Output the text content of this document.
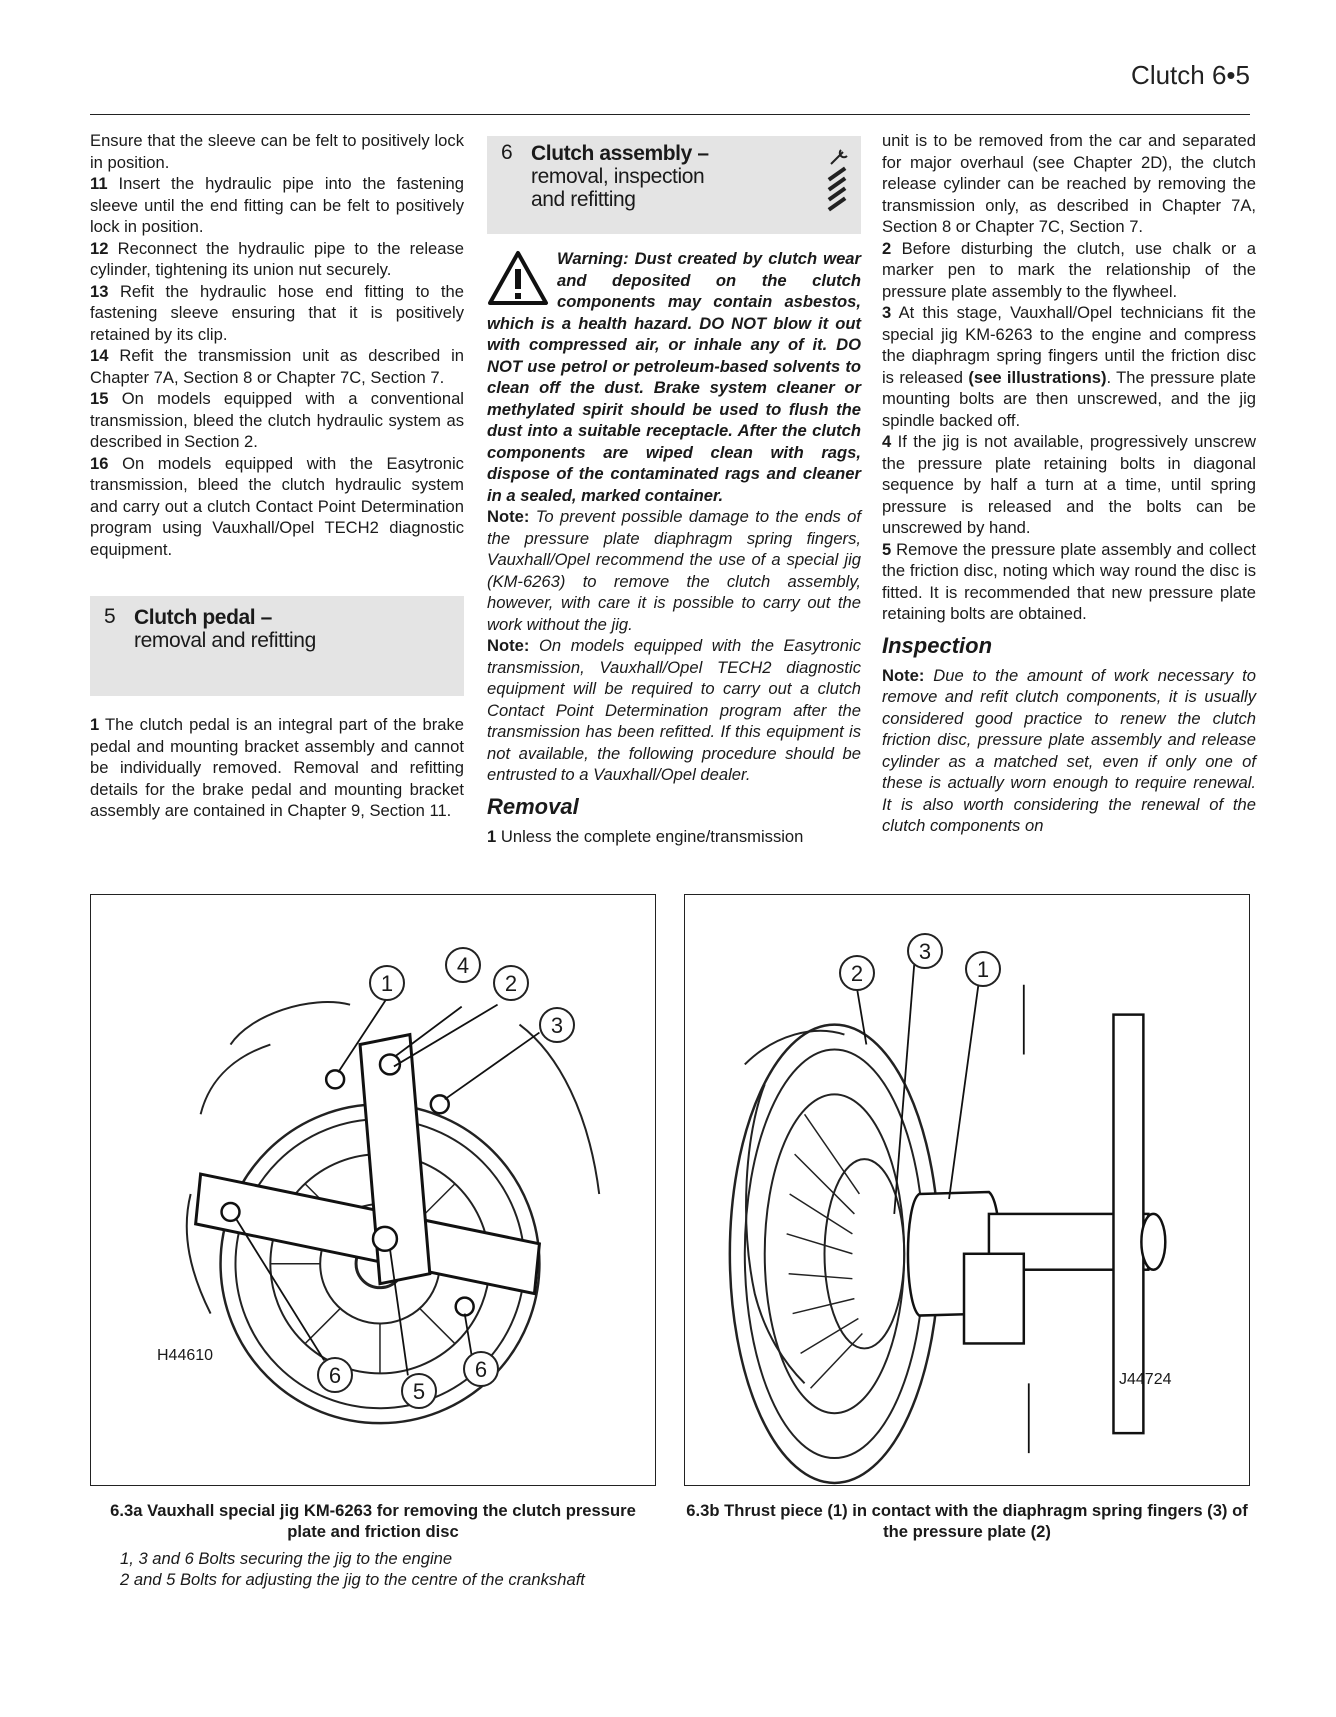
Clutch 6•5

Ensure that the sleeve can be felt to positively lock in position.

11 Insert the hydraulic pipe into the fastening sleeve until the end fitting can be felt to positively lock in position.

12 Reconnect the hydraulic pipe to the release cylinder, tightening its union nut securely.

13 Refit the hydraulic hose end fitting to the fastening sleeve ensuring that it is positively retained by its clip.

14 Refit the transmission unit as described in Chapter 7A, Section 8 or Chapter 7C, Section 7.

15 On models equipped with a conventional transmission, bleed the clutch hydraulic system as described in Section 2.

16 On models equipped with the Easytronic transmission, bleed the clutch hydraulic system and carry out a clutch Contact Point Determination program using Vauxhall/Opel TECH2 diagnostic equipment.

5 Clutch pedal –
removal and refitting

1 The clutch pedal is an integral part of the brake pedal and mounting bracket assembly and cannot be individually removed. Removal and refitting details for the brake pedal and mounting bracket assembly are contained in Chapter 9, Section 11.

6 Clutch assembly –
removal, inspection
and refitting
Warning: Dust created by clutch wear and deposited on the clutch components may contain asbestos, which is a health hazard. DO NOT blow it out with compressed air, or inhale any of it. DO NOT use petrol or petroleum-based solvents to clean off the dust. Brake system cleaner or methylated spirit should be used to flush the dust into a suitable receptacle. After the clutch components are wiped clean with rags, dispose of the contaminated rags and cleaner in a sealed, marked container.

Note: To prevent possible damage to the ends of the pressure plate diaphragm spring fingers, Vauxhall/Opel recommend the use of a special jig (KM-6263) to remove the clutch assembly, however, with care it is possible to carry out the work without the jig.

Note: On models equipped with the Easytronic transmission, Vauxhall/Opel TECH2 diagnostic equipment will be required to carry out a clutch Contact Point Determination program after the transmission has been refitted. If this equipment is not available, the following procedure should be entrusted to a Vauxhall/Opel dealer.

Removal

1 Unless the complete engine/transmission

unit is to be removed from the car and separated for major overhaul (see Chapter 2D), the clutch release cylinder can be reached by removing the transmission only, as described in Chapter 7A, Section 8 or Chapter 7C, Section 7.

2 Before disturbing the clutch, use chalk or a marker pen to mark the relationship of the pressure plate assembly to the flywheel.

3 At this stage, Vauxhall/Opel technicians fit the special jig KM-6263 to the engine and compress the diaphragm spring fingers until the friction disc is released (see illustrations). The pressure plate mounting bolts are then unscrewed, and the jig spindle backed off.

4 If the jig is not available, progressively unscrew the pressure plate retaining bolts in diagonal sequence by half a turn at a time, until spring pressure is released and the bolts can be unscrewed by hand.

5 Remove the pressure plate assembly and collect the friction disc, noting which way round the disc is fitted. It is recommended that new pressure plate retaining bolts are obtained.

Inspection

Note: Due to the amount of work necessary to remove and refit clutch components, it is usually considered good practice to renew the clutch friction disc, pressure plate assembly and release cylinder as a matched set, even if only one of these is actually worn enough to require renewal. It is also worth considering the renewal of the clutch components on

H44610
1
4
2
3
6
5
6	J44724
2
3
1
6.3a Vauxhall special jig KM-6263 for removing the clutch pressure plate and friction disc
6.3b Thrust piece (1) in contact with the diaphragm spring fingers (3) of the pressure plate (2)
1, 3 and 6 Bolts securing the jig to the engine
2 and 5 Bolts for adjusting the jig to the centre of the crankshaft
